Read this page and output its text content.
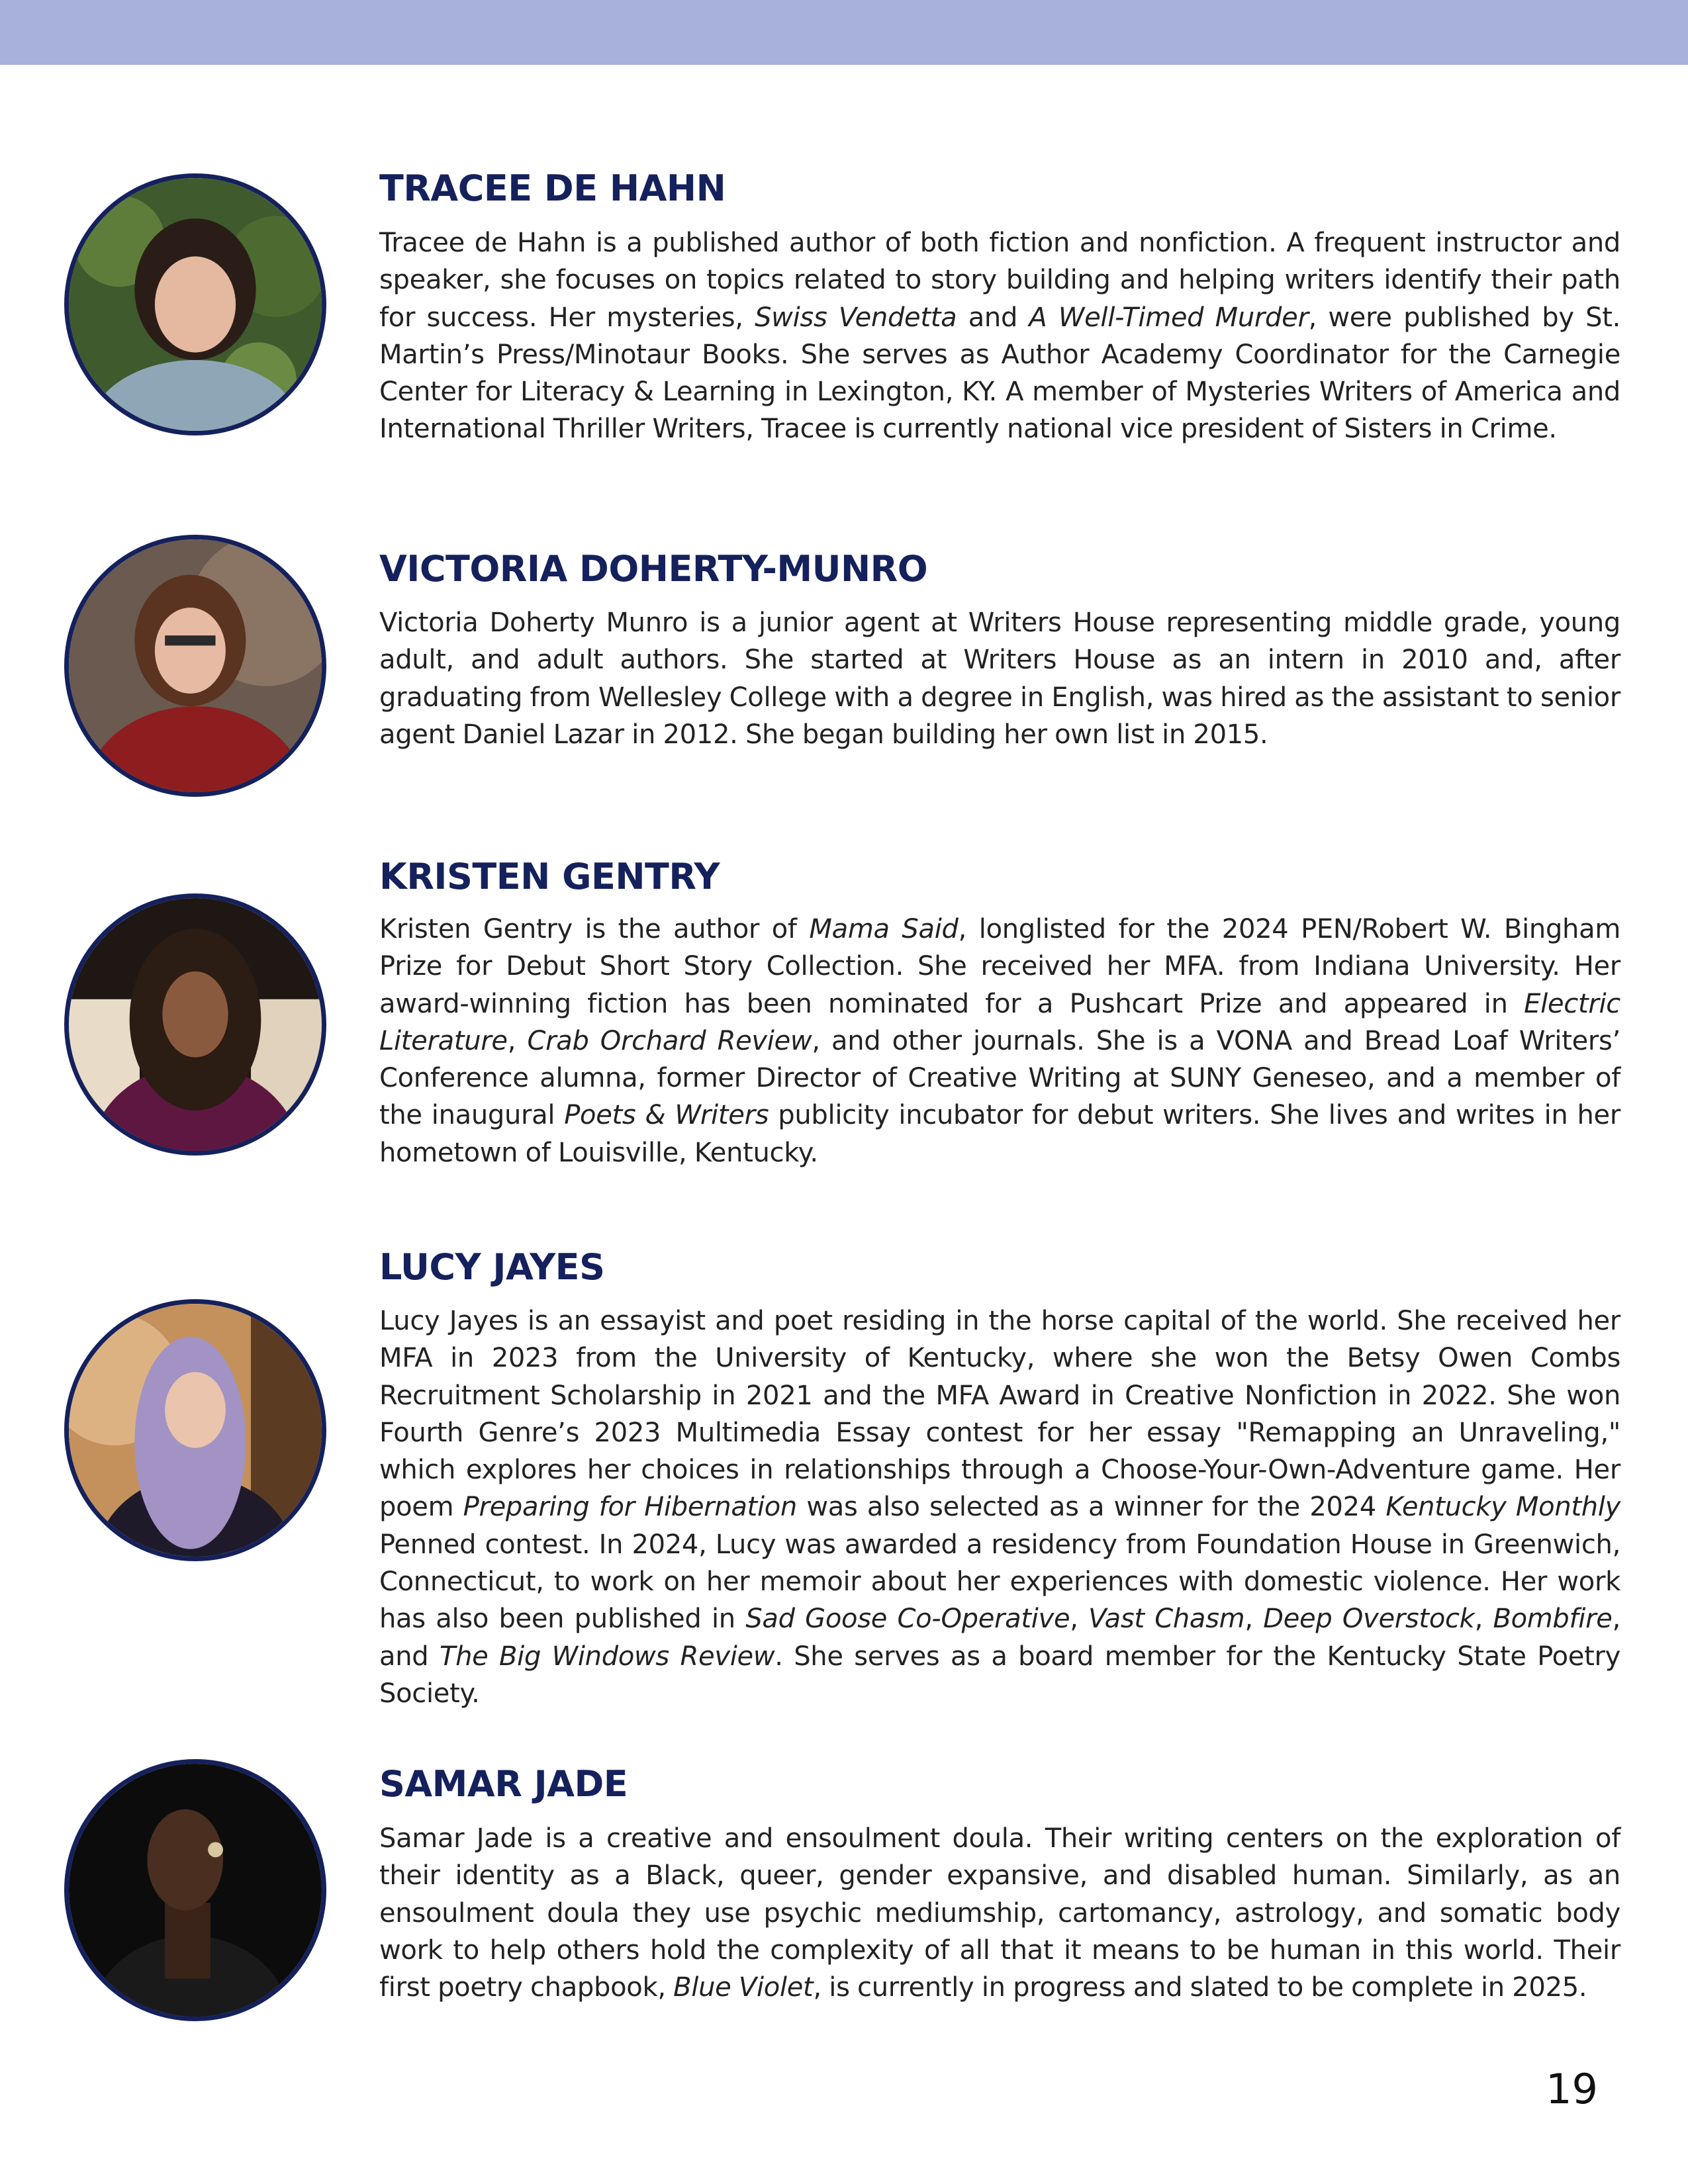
TRACEE DE HAHN

Tracee de Hahn is a published author of both fiction and nonfiction. A frequent instructor and speaker, she focuses on topics related to story building and helping writers identify their path for success. Her mysteries, Swiss Vendetta and A Well-Timed Murder, were published by St. Martin’s Press/Minotaur Books. She serves as Author Academy Coordinator for the Carnegie Center for Literacy & Learning in Lexington, KY. A member of Mysteries Writers of America and International Thriller Writers, Tracee is currently national vice president of Sisters in Crime.

VICTORIA DOHERTY-MUNRO

Victoria Doherty Munro is a junior agent at Writers House representing middle grade, young adult, and adult authors. She started at Writers House as an intern in 2010 and, after graduating from Wellesley College with a degree in English, was hired as the assistant to senior agent Daniel Lazar in 2012. She began building her own list in 2015.

KRISTEN GENTRY

Kristen Gentry is the author of Mama Said, longlisted for the 2024 PEN/Robert W. Bingham Prize for Debut Short Story Collection. She received her MFA. from Indiana University. Her award-winning fiction has been nominated for a Pushcart Prize and appeared in Electric Literature, Crab Orchard Review, and other journals. She is a VONA and Bread Loaf Writers’ Conference alumna, former Director of Creative Writing at SUNY Geneseo, and a member of the inaugural Poets & Writers publicity incubator for debut writers. She lives and writes in her hometown of Louisville, Kentucky.

LUCY JAYES

Lucy Jayes is an essayist and poet residing in the horse capital of the world. She received her MFA in 2023 from the University of Kentucky, where she won the Betsy Owen Combs Recruitment Scholarship in 2021 and the MFA Award in Creative Nonfiction in 2022. She won Fourth Genre’s 2023 Multimedia Essay contest for her essay "Remapping an Unraveling," which explores her choices in relationships through a Choose-Your-Own-Adventure game. Her poem Preparing for Hibernation was also selected as a winner for the 2024 Kentucky Monthly Penned contest. In 2024, Lucy was awarded a residency from Foundation House in Greenwich, Connecticut, to work on her memoir about her experiences with domestic violence. Her work has also been published in Sad Goose Co-Operative, Vast Chasm, Deep Overstock, Bombfire, and The Big Windows Review. She serves as a board member for the Kentucky State Poetry Society.

SAMAR JADE

Samar Jade is a creative and ensoulment doula. Their writing centers on the exploration of their identity as a Black, queer, gender expansive, and disabled human. Similarly, as an ensoulment doula they use psychic mediumship, cartomancy, astrology, and somatic body work to help others hold the complexity of all that it means to be human in this world. Their first poetry chapbook, Blue Violet, is currently in progress and slated to be complete in 2025.

19
